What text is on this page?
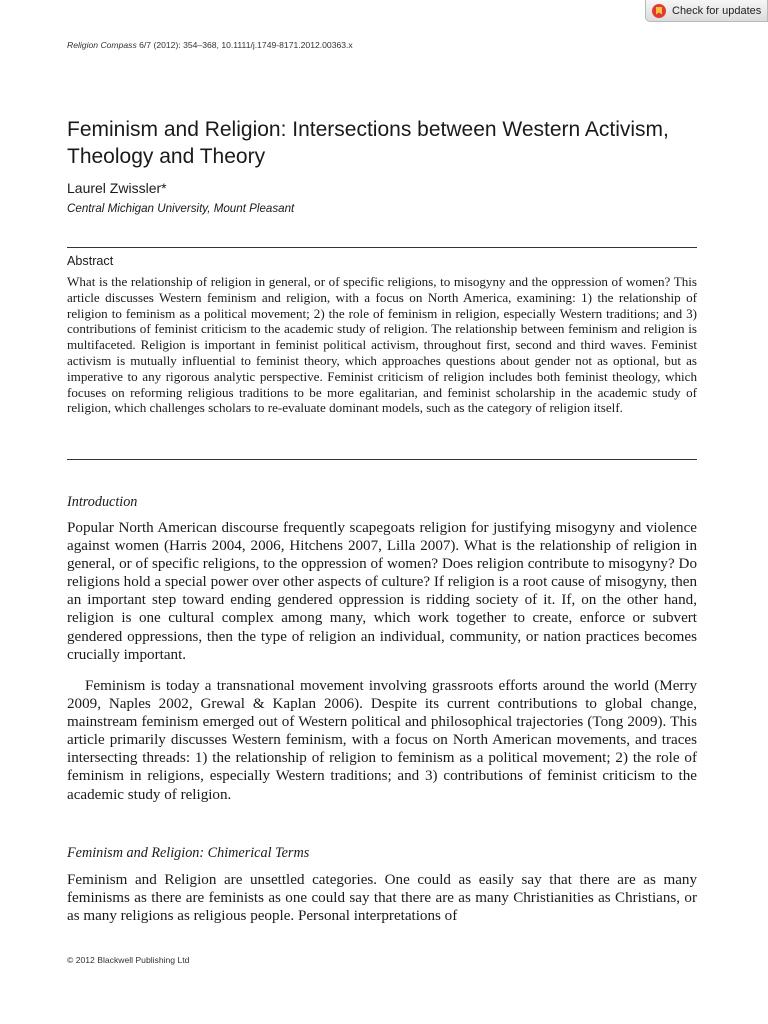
Check for updates
Religion Compass 6/7 (2012): 354–368, 10.1111/j.1749-8171.2012.00363.x
Feminism and Religion: Intersections between Western Activism, Theology and Theory
Laurel Zwissler*
Central Michigan University, Mount Pleasant
Abstract

What is the relationship of religion in general, or of specific religions, to misogyny and the oppression of women? This article discusses Western feminism and religion, with a focus on North America, examining: 1) the relationship of religion to feminism as a political movement; 2) the role of feminism in religion, especially Western traditions; and 3) contributions of feminist criticism to the academic study of religion. The relationship between feminism and religion is multifaceted. Religion is important in feminist political activism, throughout first, second and third waves. Feminist activism is mutually influential to feminist theory, which approaches questions about gender not as optional, but as imperative to any rigorous analytic perspective. Feminist criticism of religion includes both feminist theology, which focuses on reforming religious traditions to be more egalitarian, and feminist scholarship in the academic study of religion, which challenges scholars to re-evaluate dominant models, such as the category of religion itself.

Introduction

Popular North American discourse frequently scapegoats religion for justifying misogyny and violence against women (Harris 2004, 2006, Hitchens 2007, Lilla 2007). What is the relationship of religion in general, or of specific religions, to the oppression of women? Does religion contribute to misogyny? Do religions hold a special power over other aspects of culture? If religion is a root cause of misogyny, then an important step toward ending gendered oppression is ridding society of it. If, on the other hand, religion is one cultural complex among many, which work together to create, enforce or subvert gendered oppressions, then the type of religion an individual, community, or nation practices becomes crucially important.

Feminism is today a transnational movement involving grassroots efforts around the world (Merry 2009, Naples 2002, Grewal & Kaplan 2006). Despite its current contributions to global change, mainstream feminism emerged out of Western political and philosophical trajectories (Tong 2009). This article primarily discusses Western feminism, with a focus on North American movements, and traces intersecting threads: 1) the relationship of religion to feminism as a political movement; 2) the role of feminism in religions, especially Western traditions; and 3) contributions of feminist criticism to the academic study of religion.

Feminism and Religion: Chimerical Terms

Feminism and Religion are unsettled categories. One could as easily say that there are as many feminisms as there are feminists as one could say that there are as many Christianities as Christians, or as many religions as religious people. Personal interpretations of

© 2012 Blackwell Publishing Ltd
